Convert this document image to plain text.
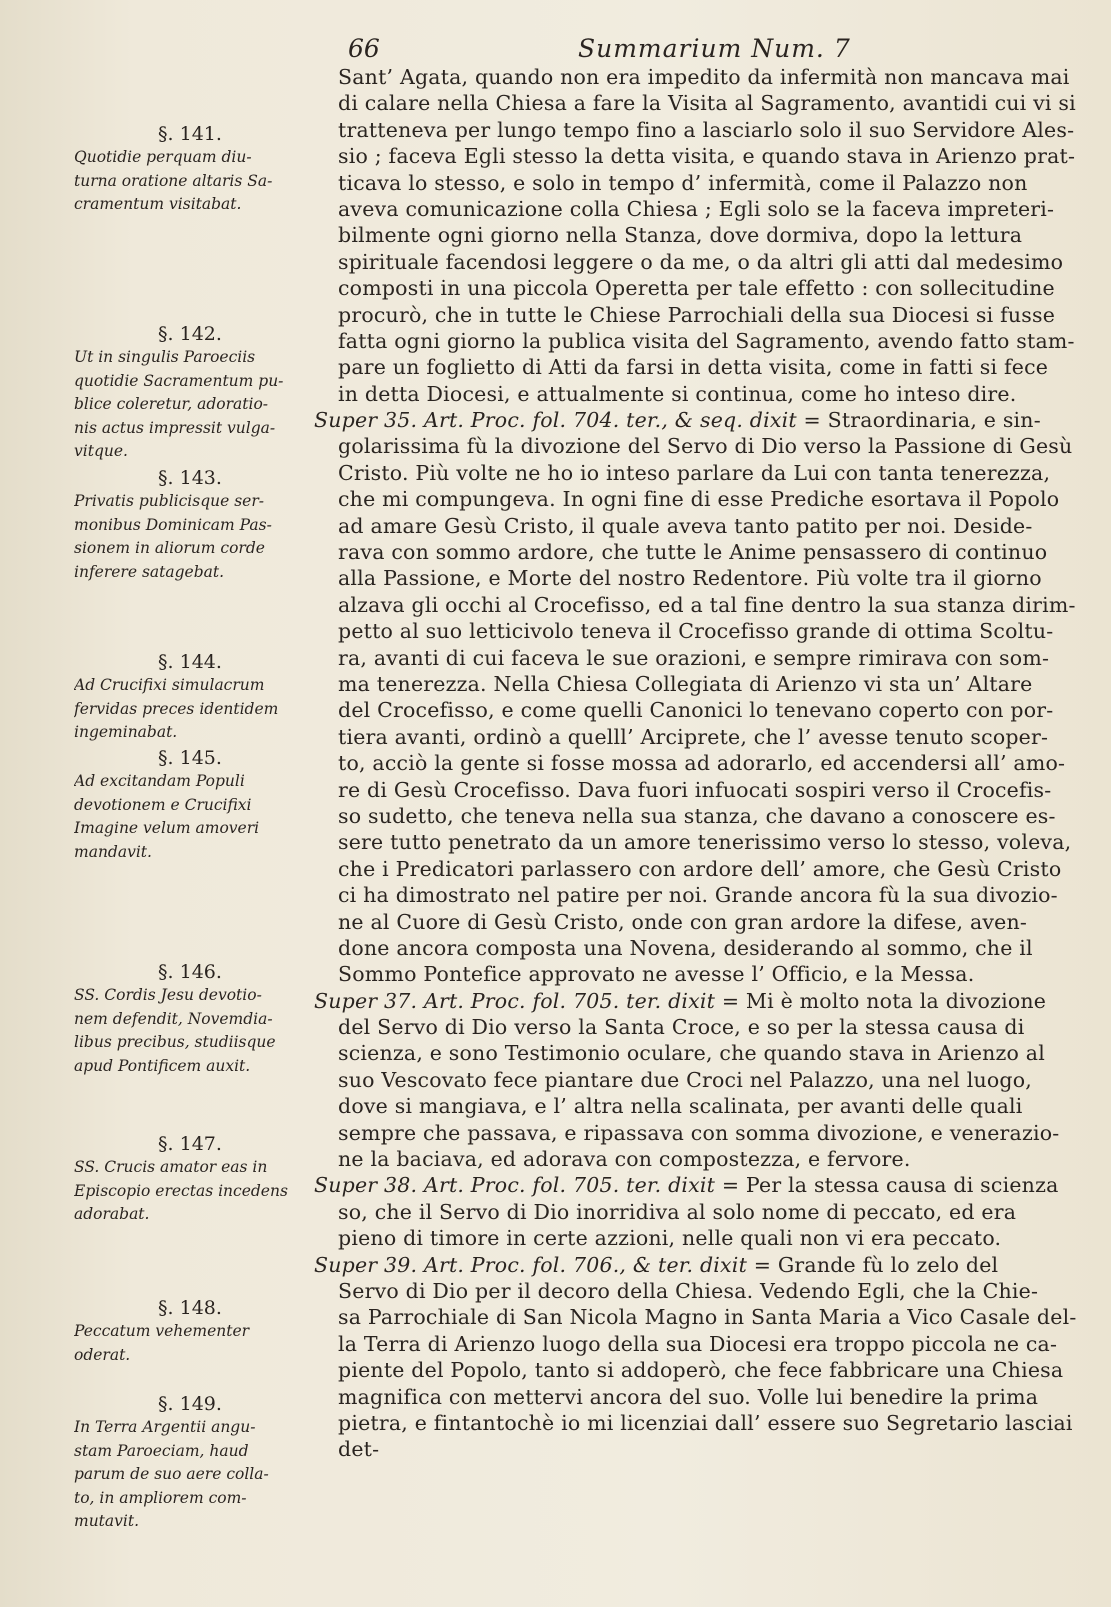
66	Summarium Num. 7
Sant’ Agata, quando non era impedito da infermità non mancava mai
di calare nella Chiesa a fare la Visita al Sagramento, avantidi cui vi si
tratteneva per lungo tempo fino a lasciarlo solo il suo Servidore Ales-
sio ; faceva Egli stesso la detta visita, e quando stava in Arienzo prat-
ticava lo stesso, e solo in tempo d’ infermità, come il Palazzo non
aveva comunicazione colla Chiesa ; Egli solo se la faceva impreteri-
bilmente ogni giorno nella Stanza, dove dormiva, dopo la lettura
spirituale facendosi leggere o da me, o da altri gli atti dal medesimo
composti in una piccola Operetta per tale effetto : con sollecitudine
procurò, che in tutte le Chiese Parrochiali della sua Diocesi si fusse
fatta ogni giorno la publica visita del Sagramento, avendo fatto stam-
pare un foglietto di Atti da farsi in detta visita, come in fatti si fece
in detta Diocesi, e attualmente si continua, come ho inteso dire.
Super 35. Art. Proc. fol. 704. ter., & seq. dixit = Straordinaria, e sin-
golarissima fù la divozione del Servo di Dio verso la Passione di Gesù
Cristo. Più volte ne ho io inteso parlare da Lui con tanta tenerezza,
che mi compungeva. In ogni fine di esse Prediche esortava il Popolo
ad amare Gesù Cristo, il quale aveva tanto patito per noi. Deside-
rava con sommo ardore, che tutte le Anime pensassero di continuo
alla Passione, e Morte del nostro Redentore. Più volte tra il giorno
alzava gli occhi al Crocefisso, ed a tal fine dentro la sua stanza dirim-
petto al suo letticivolo teneva il Crocefisso grande di ottima Scoltu-
ra, avanti di cui faceva le sue orazioni, e sempre rimirava con som-
ma tenerezza. Nella Chiesa Collegiata di Arienzo vi sta un’ Altare
del Crocefisso, e come quelli Canonici lo tenevano coperto con por-
tiera avanti, ordinò a quelll’ Arciprete, che l’ avesse tenuto scoper-
to, acciò la gente si fosse mossa ad adorarlo, ed accendersi all’ amo-
re di Gesù Crocefisso. Dava fuori infuocati sospiri verso il Crocefis-
so sudetto, che teneva nella sua stanza, che davano a conoscere es-
sere tutto penetrato da un amore tenerissimo verso lo stesso, voleva,
che i Predicatori parlassero con ardore dell’ amore, che Gesù Cristo
ci ha dimostrato nel patire per noi. Grande ancora fù la sua divozio-
ne al Cuore di Gesù Cristo, onde con gran ardore la difese, aven-
done ancora composta una Novena, desiderando al sommo, che il
Sommo Pontefice approvato ne avesse l’ Officio, e la Messa.
Super 37. Art. Proc. fol. 705. ter. dixit = Mi è molto nota la divozione
del Servo di Dio verso la Santa Croce, e so per la stessa causa di
scienza, e sono Testimonio oculare, che quando stava in Arienzo al
suo Vescovato fece piantare due Croci nel Palazzo, una nel luogo,
dove si mangiava, e l’ altra nella scalinata, per avanti delle quali
sempre che passava, e ripassava con somma divozione, e venerazio-
ne la baciava, ed adorava con compostezza, e fervore.
Super 38. Art. Proc. fol. 705. ter. dixit = Per la stessa causa di scienza
so, che il Servo di Dio inorridiva al solo nome di peccato, ed era
pieno di timore in certe azzioni, nelle quali non vi era peccato.
Super 39. Art. Proc. fol. 706., & ter. dixit = Grande fù lo zelo del
Servo di Dio per il decoro della Chiesa. Vedendo Egli, che la Chie-
sa Parrochiale di San Nicola Magno in Santa Maria a Vico Casale del-
la Terra di Arienzo luogo della sua Diocesi era troppo piccola ne ca-
piente del Popolo, tanto si addoperò, che fece fabbricare una Chiesa
magnifica con mettervi ancora del suo. Volle lui benedire la prima
pietra, e fintantochè io mi licenziai dall’ essere suo Segretario lasciai
det-
§. 141.
Quotidie perquam diu-
turna oratione altaris Sa-
cramentum visitabat.
§. 142.
Ut in singulis Paroeciis
quotidie Sacramentum pu-
blice coleretur, adoratio-
nis actus impressit vulga-
vitque.
§. 143.
Privatis publicisque ser-
monibus Dominicam Pas-
sionem in aliorum corde
inferere satagebat.
§. 144.
Ad Crucifixi simulacrum
fervidas preces identidem
ingeminabat.
§. 145.
Ad excitandam Populi
devotionem e Crucifixi
Imagine velum amoveri
mandavit.
§. 146.
SS. Cordis Jesu devotio-
nem defendit, Novemdia-
libus precibus, studiisque
apud Pontificem auxit.
§. 147.
SS. Crucis amator eas in
Episcopio erectas incedens
adorabat.
§. 148.
Peccatum vehementer
oderat.
§. 149.
In Terra Argentii angu-
stam Paroeciam, haud
parum de suo aere colla-
to, in ampliorem com-
mutavit.
